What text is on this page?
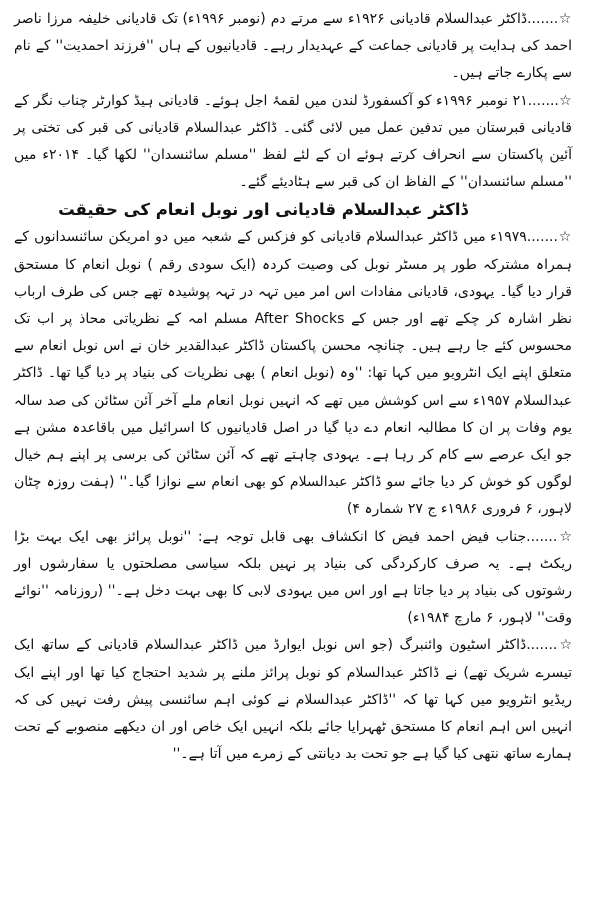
☆.......ڈاکٹر عبدالسلام قادیانی ۱۹۲۶ء سے مرتے دم (نومبر ۱۹۹۶ء) تک قادیانی خلیفہ مرزا ناصر احمد کی ہدایت پر قادیانی جماعت کے عہدیدار رہے۔ قادیانیوں کے ہاں ''فرزند احمدیت'' کے نام سے پکارے جاتے ہیں۔

☆.......۲۱ نومبر ۱۹۹۶ء کو آکسفورڈ لندن میں لقمۂ اجل ہوئے۔ قادیانی ہیڈ کوارٹر چناب نگر کے قادیانی قبرستان میں تدفین عمل میں لائی گئی۔ ڈاکٹر عبدالسلام قادیانی کی قبر کی تختی پر آئین پاکستان سے انحراف کرتے ہوئے ان کے لئے لفظ ''مسلم سائنسدان'' لکھا گیا۔ ۲۰۱۴ء میں ''مسلم سائنسدان'' کے الفاظ ان کی قبر سے ہٹادیئے گئے۔

ڈاکٹر عبدالسلام قادیانی اور نوبل انعام کی حقیقت

☆.......۱۹۷۹ء میں ڈاکٹر عبدالسلام قادیانی کو فزکس کے شعبہ میں دو امریکن سائنسدانوں کے ہمراہ مشترکہ طور پر مسٹر نوبل کی وصیت کردہ (ایک سودی رقم ) نوبل انعام کا مستحق قرار دیا گیا۔ یہودی، قادیانی مفادات اس امر میں تہہ در تہہ پوشیدہ تھے جس کی طرف ارباب نظر اشارہ کر چکے تھے اور جس کے After Shocks مسلم امہ کے نظریاتی محاذ پر اب تک محسوس کئے جا رہے ہیں۔ چنانچہ محسن پاکستان ڈاکٹر عبدالقدیر خان نے اس نوبل انعام سے متعلق اپنے ایک انٹرویو میں کہا تھا: ''وہ (نوبل انعام ) بھی نظریات کی بنیاد پر دیا گیا تھا۔ ڈاکٹر عبدالسلام ۱۹۵۷ء سے اس کوشش میں تھے کہ انہیں نوبل انعام ملے آخر آئن سٹائن کی صد سالہ یوم وفات پر ان کا مطالبہ انعام دے دیا گیا در اصل قادیانیوں کا اسرائیل میں باقاعدہ مشن ہے جو ایک عرصے سے کام کر رہا ہے۔ یہودی چاہتے تھے کہ آئن سٹائن کی برسی پر اپنے ہم خیال لوگوں کو خوش کر دیا جائے سو ڈاکٹر عبدالسلام کو بھی انعام سے نوازا گیا۔'' (ہفت روزہ چٹان لاہور، ۶ فروری ۱۹۸۶ء ج ۲۷ شمارہ ۴)

☆.......جناب فیض احمد فیض کا انکشاف بھی قابل توجہ ہے: ''نوبل پرائز بھی ایک بہت بڑا ریکٹ ہے۔ یہ صرف کارکردگی کی بنیاد پر نہیں بلکہ سیاسی مصلحتوں یا سفارشوں اور رشوتوں کی بنیاد پر دیا جاتا ہے اور اس میں یہودی لابی کا بھی بہت دخل ہے۔'' (روزنامہ ''نوائے وقت'' لاہور، ۶ مارچ ۱۹۸۴ء)

☆.......ڈاکٹر اسٹیون وائنبرگ (جو اس نوبل ایوارڈ میں ڈاکٹر عبدالسلام قادیانی کے ساتھ ایک تیسرے شریک تھے) نے ڈاکٹر عبدالسلام کو نوبل پرائز ملنے پر شدید احتجاج کیا تھا اور اپنے ایک ریڈیو انٹرویو میں کہا تھا کہ ''ڈاکٹر عبدالسلام نے کوئی اہم سائنسی پیش رفت نہیں کی کہ انہیں اس اہم انعام کا مستحق ٹھہرایا جائے بلکہ انہیں ایک خاص اور ان دیکھے منصوبے کے تحت ہمارے ساتھ نتھی کیا گیا ہے جو تحت بد دیانتی کے زمرے میں آتا ہے۔''
